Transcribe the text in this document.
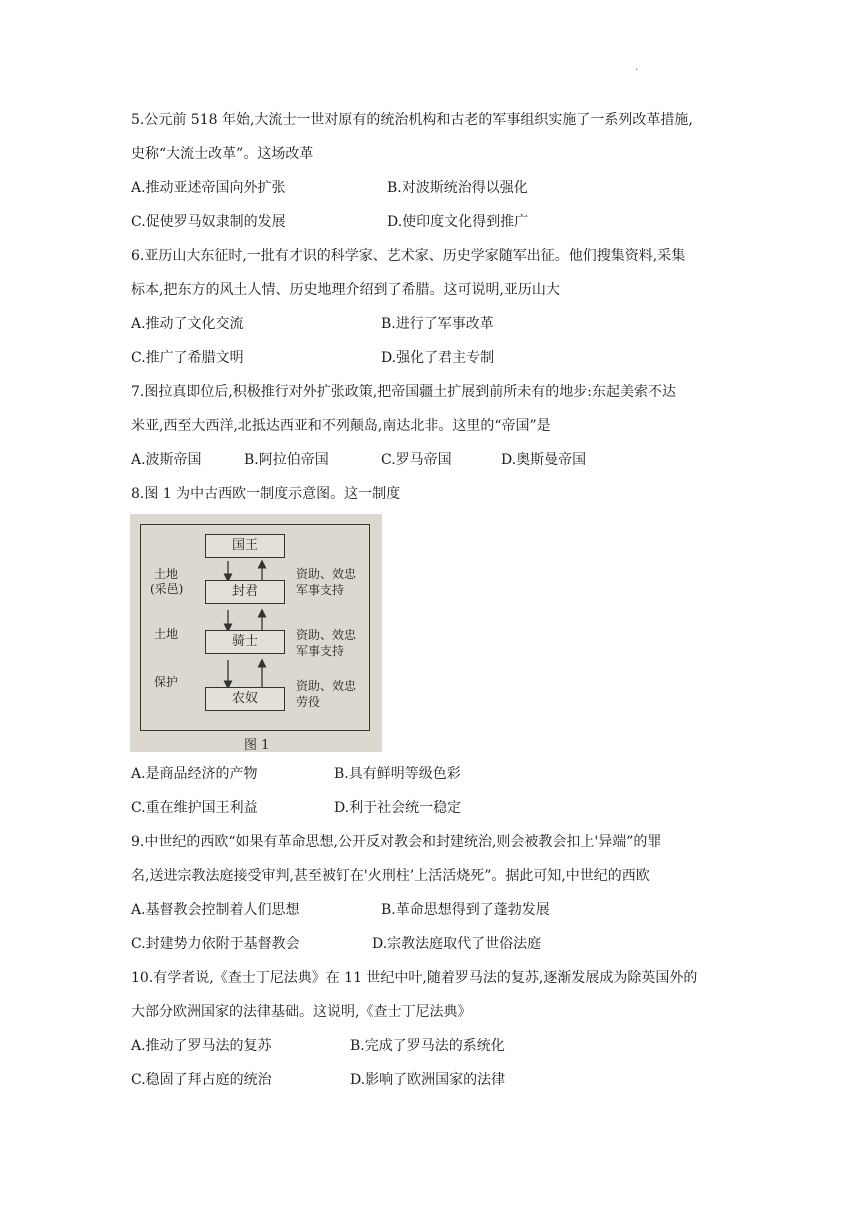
.
5.公元前 518 年始,大流士一世对原有的统治机构和古老的军事组织实施了一系列改革措施,
史称“大流士改革”。这场改革
A.推动亚述帝国向外扩张	B.对波斯统治得以强化
C.促使罗马奴隶制的发展	D.使印度文化得到推广
6.亚历山大东征时,一批有才识的科学家、艺术家、历史学家随军出征。他们搜集资料,采集
标本,把东方的风土人情、历史地理介绍到了希腊。这可说明,亚历山大
A.推动了文化交流	B.进行了军事改革
C.推广了希腊文明	D.强化了君主专制
7.图拉真即位后,积极推行对外扩张政策,把帝国疆土扩展到前所未有的地步:东起美索不达
米亚,西至大西洋,北抵达西亚和不列颠岛,南达北非。这里的“帝国”是
A.波斯帝国	B.阿拉伯帝国	C.罗马帝国	D.奥斯曼帝国
8.图 1 为中古西欧一制度示意图。这一制度
国王
封君
骑士
农奴
土地
(采邑)
土地
保护
资助、效忠
军事支持
资助、效忠
军事支持
资助、效忠
劳役
图 1
A.是商品经济的产物	B.具有鲜明等级色彩
C.重在维护国王利益	D.利于社会统一稳定
9.中世纪的西欧“如果有革命思想,公开反对教会和封建统治,则会被教会扣上'异端”的罪
名,送进宗教法庭接受审判,甚至被钉在'火刑柱’上活活烧死”。据此可知,中世纪的西欧
A.基督教会控制着人们思想	B.革命思想得到了蓬勃发展
C.封建势力依附于基督教会	D.宗教法庭取代了世俗法庭
10.有学者说,《查士丁尼法典》在 11 世纪中叶,随着罗马法的复苏,逐渐发展成为除英国外的
大部分欧洲国家的法律基础。这说明,《查士丁尼法典》
A.推动了罗马法的复苏	B.完成了罗马法的系统化
C.稳固了拜占庭的统治	D.影响了欧洲国家的法律
